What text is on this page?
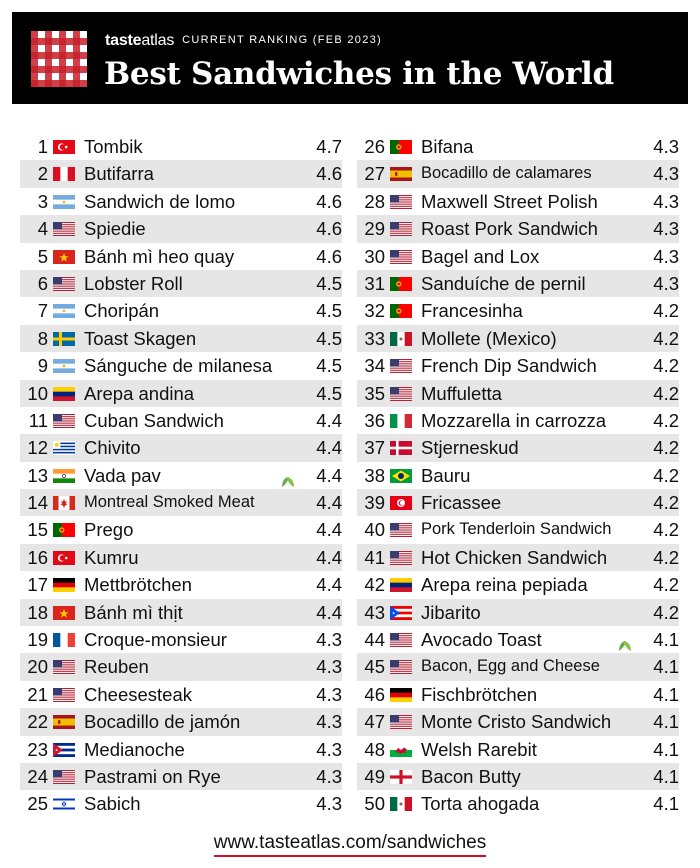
tasteatlas CURRENT RANKING (FEB 2023)
Best Sandwiches in the World
1 Tombik	4.7
2 Butifarra	4.6
3 Sandwich de lomo	4.6
4 Spiedie	4.6
5 Bánh mì heo quay	4.6
6 Lobster Roll	4.5
7 Choripán	4.5
8 Toast Skagen	4.5
9 Sánguche de milanesa	4.5
10 Arepa andina	4.5
11 Cuban Sandwich	4.4
12 Chivito	4.4
13 Vada pav	4.4
14 Montreal Smoked Meat	4.4
15 Prego	4.4
16 Kumru	4.4
17 Mettbrötchen	4.4
18 Bánh mì thịt	4.4
19 Croque-monsieur	4.3
20 Reuben	4.3
21 Cheesesteak	4.3
22 Bocadillo de jamón	4.3
23 Medianoche	4.3
24 Pastrami on Rye	4.3
25 Sabich	4.3
26 Bifana	4.3
27 Bocadillo de calamares	4.3
28 Maxwell Street Polish	4.3
29 Roast Pork Sandwich	4.3
30 Bagel and Lox	4.3
31 Sanduíche de pernil	4.3
32 Francesinha	4.2
33 Mollete (Mexico)	4.2
34 French Dip Sandwich	4.2
35 Muffuletta	4.2
36 Mozzarella in carrozza	4.2
37 Stjerneskud	4.2
38 Bauru	4.2
39 Fricassee	4.2
40 Pork Tenderloin Sandwich	4.2
41 Hot Chicken Sandwich	4.2
42 Arepa reina pepiada	4.2
43 Jibarito	4.2
44 Avocado Toast	4.1
45 Bacon, Egg and Cheese	4.1
46 Fischbrötchen	4.1
47 Monte Cristo Sandwich	4.1
48 Welsh Rarebit	4.1
49 Bacon Butty	4.1
50 Torta ahogada	4.1
www.tasteatlas.com/sandwiches
